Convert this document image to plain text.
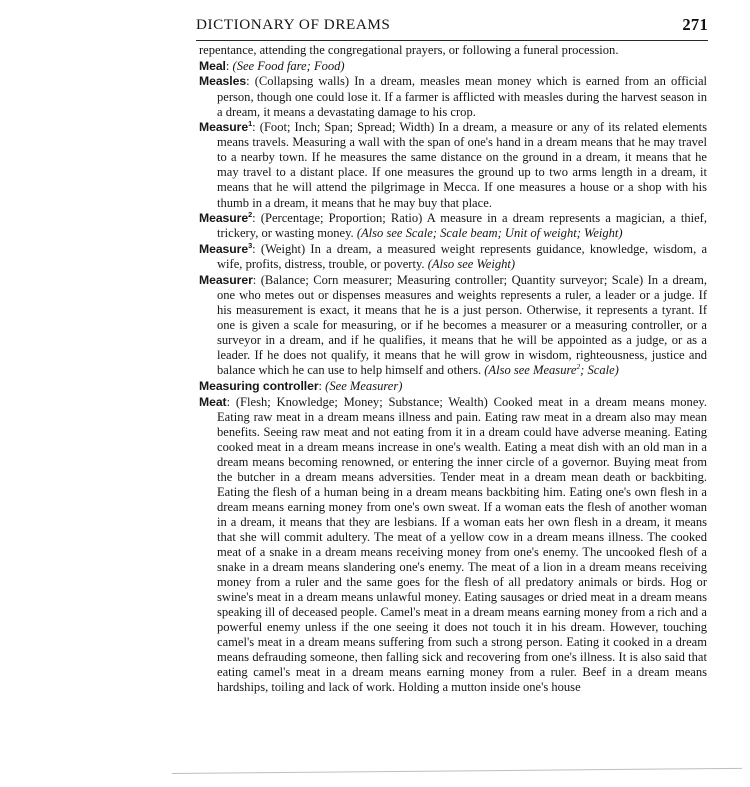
DICTIONARY OF DREAMS	271

repentance, attending the congregational prayers, or following a funeral procession.

Meal: (See Food fare; Food)

Measles: (Collapsing walls) In a dream, measles mean money which is earned from an official person, though one could lose it. If a farmer is afflicted with measles during the harvest season in a dream, it means a devastating damage to his crop.

Measure$^1$: (Foot; Inch; Span; Spread; Width) In a dream, a measure or any of its related elements means travels. Measuring a wall with the span of one's hand in a dream means that he may travel to a nearby town. If he measures the same distance on the ground in a dream, it means that he may travel to a distant place. If one measures the ground up to two arms length in a dream, it means that he will attend the pilgrimage in Mecca. If one measures a house or a shop with his thumb in a dream, it means that he may buy that place.

Measure$^2$: (Percentage; Proportion; Ratio) A measure in a dream represents a magician, a thief, trickery, or wasting money. (Also see Scale; Scale beam; Unit of weight; Weight)

Measure$^3$: (Weight) In a dream, a measured weight represents guidance, knowledge, wisdom, a wife, profits, distress, trouble, or poverty. (Also see Weight)

Measurer: (Balance; Corn measurer; Measuring controller; Quantity surveyor; Scale) In a dream, one who metes out or dispenses measures and weights represents a ruler, a leader or a judge. If his measurement is exact, it means that he is a just person. Otherwise, it represents a tyrant. If one is given a scale for measuring, or if he becomes a measurer or a measuring controller, or a surveyor in a dream, and if he qualifies, it means that he will be appointed as a judge, or as a leader. If he does not qualify, it means that he will grow in wisdom, righteousness, justice and balance which he can use to help himself and others. (Also see Measure$^2$; Scale)

Measuring controller: (See Measurer)

Meat: (Flesh; Knowledge; Money; Substance; Wealth) Cooked meat in a dream means money. Eating raw meat in a dream means illness and pain. Eating raw meat in a dream also may mean benefits. Seeing raw meat and not eating from it in a dream could have adverse meaning. Eating cooked meat in a dream means increase in one's wealth. Eating a meat dish with an old man in a dream means becoming renowned, or entering the inner circle of a governor. Buying meat from the butcher in a dream means adversities. Tender meat in a dream mean death or backbiting. Eating the flesh of a human being in a dream means backbiting him. Eating one's own flesh in a dream means earning money from one's own sweat. If a woman eats the flesh of another woman in a dream, it means that they are lesbians. If a woman eats her own flesh in a dream, it means that she will commit adultery. The meat of a yellow cow in a dream means illness. The cooked meat of a snake in a dream means receiving money from one's enemy. The uncooked flesh of a snake in a dream means slandering one's enemy. The meat of a lion in a dream means receiving money from a ruler and the same goes for the flesh of all predatory animals or birds. Hog or swine's meat in a dream means unlawful money. Eating sausages or dried meat in a dream means speaking ill of deceased people. Camel's meat in a dream means earning money from a rich and a powerful enemy unless if the one seeing it does not touch it in his dream. However, touching camel's meat in a dream means suffering from such a strong person. Eating it cooked in a dream means defrauding someone, then falling sick and recovering from one's illness. It is also said that eating camel's meat in a dream means earning money from a ruler. Beef in a dream means hardships, toiling and lack of work. Holding a mutton inside one's house
